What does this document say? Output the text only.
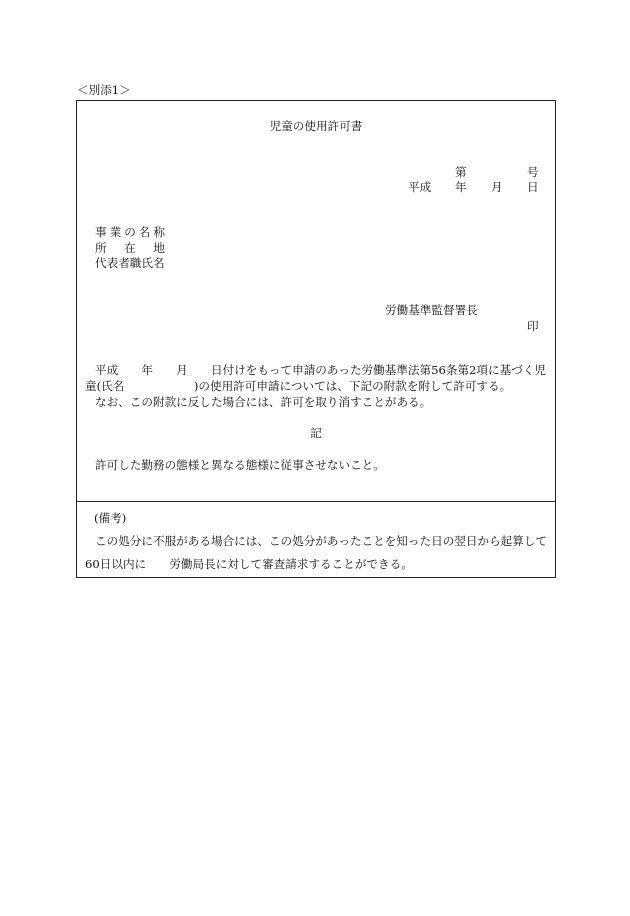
＜別添1＞
児童の使用許可書
第	号
平成 年 月 日
事業の名称
所在地
代表者職氏名
労働基準監督署長
印
平成　　年　　月　　日付けをもって申請のあった労働基準法第56条第2項に基づく児
童(氏名　　　　　　)の使用許可申請については、下記の附款を附して許可する。
なお、この附款に反した場合には、許可を取り消すことがある。
記
許可した勤務の態様と異なる態様に従事させないこと。
(備考)
この処分に不服がある場合には、この処分があったことを知った日の翌日から起算して
60日以内に　　労働局長に対して審査請求することができる。
